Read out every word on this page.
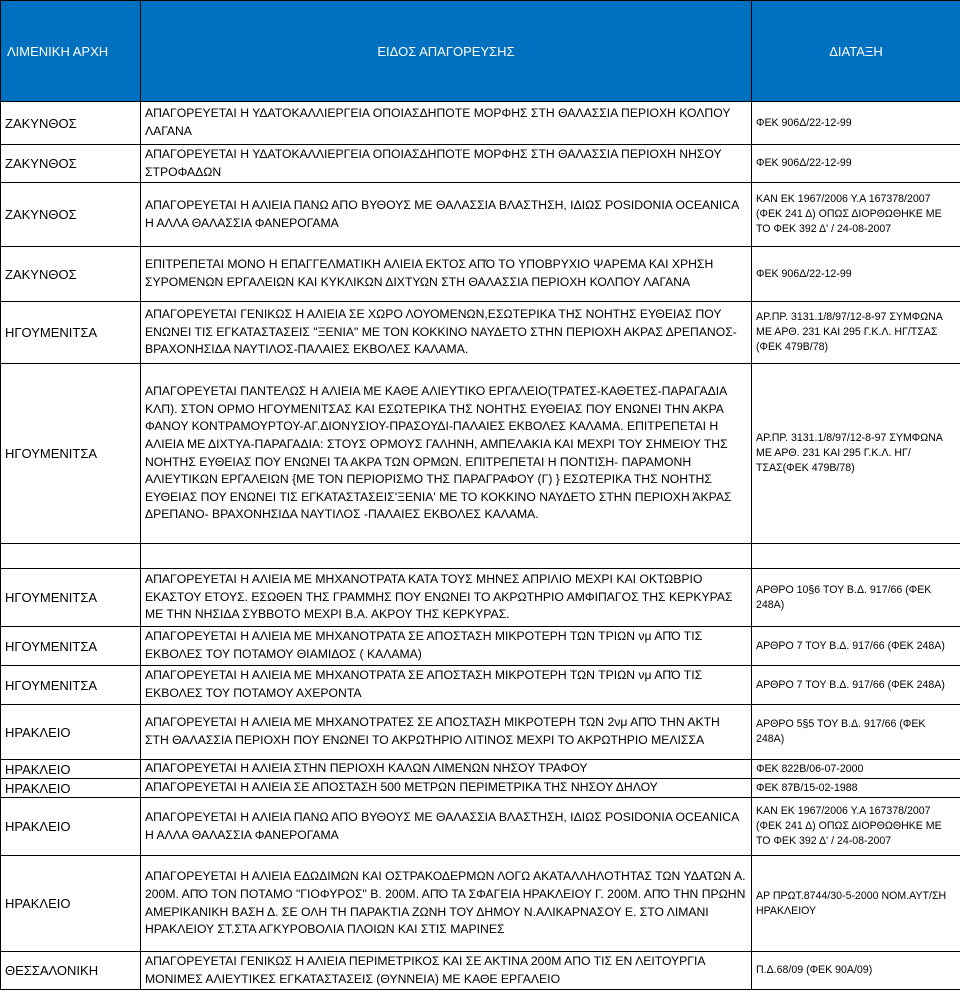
ΛΙΜΕΝΙΚΗ ΑΡΧΗ	ΕΙΔΟΣ ΑΠΑΓΟΡΕΥΣΗΣ	ΔΙΑΤΑΞΗ
ΖΑΚΥΝΘΟΣ	ΑΠΑΓΟΡΕΥΕΤΑΙ Η ΥΔΑΤΟΚΑΛΛΙΕΡΓΕΙΑ ΟΠΟΙΑΣΔΗΠΟΤΕ ΜΟΡΦΗΣ ΣΤΗ ΘΑΛΑΣΣΙΑ ΠΕΡΙΟΧΗ ΚΟΛΠΟΥ ΛΑΓΑΝΑ	ΦΕΚ 906Δ/22-12-99
ΖΑΚΥΝΘΟΣ	ΑΠΑΓΟΡΕΥΕΤΑΙ Η ΥΔΑΤΟΚΑΛΛΙΕΡΓΕΙΑ ΟΠΟΙΑΣΔΗΠΟΤΕ ΜΟΡΦΗΣ ΣΤΗ ΘΑΛΑΣΣΙΑ ΠΕΡΙΟΧΗ ΝΗΣΟΥ ΣΤΡΟΦΑΔΩΝ	ΦΕΚ 906Δ/22-12-99
ΖΑΚΥΝΘΟΣ	ΑΠΑΓΟΡΕΥΕΤΑΙ Η ΑΛΙΕΙΑ ΠΑΝΩ ΑΠΟ ΒΥΘΟΥΣ ΜΕ ΘΑΛΑΣΣΙΑ ΒΛΑΣΤΗΣΗ, ΙΔΙΩΣ POSIDONIA OCEANICA Η ΑΛΛΑ ΘΑΛΑΣΣΙΑ ΦΑΝΕΡΟΓΑΜΑ	ΚΑΝ ΕΚ 1967/2006 Υ.Α 167378/2007 (ΦΕΚ 241 Δ) ΟΠΩΣ ΔΙΟΡΘΩΘΗΚΕ ΜΕ ΤΟ ΦΕΚ 392 Δ' / 24-08-2007
ΖΑΚΥΝΘΟΣ	ΕΠΙΤΡΕΠΕΤΑΙ ΜΟΝΟ Η ΕΠΑΓΓΕΛΜΑΤΙΚΗ ΑΛΙΕΙΑ ΕΚΤΟΣ ΑΠΌ ΤΟ ΥΠΟΒΡΥΧΙΟ ΨΑΡΕΜΑ ΚΑΙ ΧΡΗΣΗ ΣΥΡΟΜΕΝΩΝ ΕΡΓΑΛΕΙΩΝ ΚΑΙ ΚΥΚΛΙΚΩΝ ΔΙΧΤΥΩΝ ΣΤΗ ΘΑΛΑΣΣΙΑ ΠΕΡΙΟΧΗ ΚΟΛΠΟΥ ΛΑΓΑΝΑ	ΦΕΚ 906Δ/22-12-99
ΗΓΟΥΜΕΝΙΤΣΑ	ΑΠΑΓΟΡΕΥΕΤΑΙ ΓΕΝΙΚΩΣ Η ΑΛΙΕΙΑ ΣΕ ΧΩΡΟ ΛΟΥΟΜΕΝΩΝ,ΕΣΩΤΕΡΙΚΑ ΤΗΣ ΝΟΗΤΗΣ ΕΥΘΕΙΑΣ ΠΟΥ ΕΝΩΝΕΙ ΤΙΣ ΕΓΚΑΤΑΣΤΑΣΕΙΣ "ΞΕΝΙΑ" ΜΕ ΤΟΝ ΚΟΚΚΙΝΟ ΝΑΥΔΕΤΟ ΣΤΗΝ ΠΕΡΙΟΧΗ ΑΚΡΑΣ ΔΡΕΠΑΝΟΣ-ΒΡΑΧΟΝΗΣΙΔΑ ΝΑΥΤΙΛΟΣ-ΠΑΛΑΙΕΣ ΕΚΒΟΛΕΣ ΚΑΛΑΜΑ.	ΑΡ.ΠΡ. 3131.1/8/97/12-8-97 ΣΥΜΦΩΝΑ ΜΕ ΑΡΘ. 231 ΚΑΙ 295 Γ.Κ.Λ. ΗΓ/ΤΣΑΣ (ΦΕΚ 479Β/78)
ΗΓΟΥΜΕΝΙΤΣΑ	ΑΠΑΓΟΡΕΥΕΤΑΙ ΠΑΝΤΕΛΩΣ Η ΑΛΙΕΙΑ ΜΕ ΚΑΘΕ ΑΛΙΕΥΤΙΚΟ ΕΡΓΑΛΕΙΟ(ΤΡΑΤΕΣ-ΚΑΘΕΤΕΣ-ΠΑΡΑΓΑΔΙΑ ΚΛΠ). ΣΤΟΝ ΟΡΜΟ ΗΓΟΥΜΕΝΙΤΣΑΣ ΚΑΙ ΕΣΩΤΕΡΙΚΑ ΤΗΣ ΝΟΗΤΗΣ ΕΥΘΕΙΑΣ ΠΟΥ ΕΝΩΝΕΙ ΤΗΝ ΑΚΡΑ ΦΑΝΟΥ ΚΟΝΤΡΑΜΟΥΡΤΟΥ-ΑΓ.ΔΙΟΝΥΣΙΟΥ-ΠΡΑΣΟΥΔΙ-ΠΑΛΑΙΕΣ ΕΚΒΟΛΕΣ ΚΑΛΑΜΑ. ΕΠΙΤΡΕΠΕΤΑΙ Η ΑΛΙΕΙΑ ΜΕ ΔΙΧΤΥΑ-ΠΑΡΑΓΑΔΙΑ: ΣΤΟΥΣ ΟΡΜΟΥΣ ΓΑΛΗΝΗ, ΑΜΠΕΛΑΚΙΑ ΚΑΙ ΜΕΧΡΙ ΤΟΥ ΣΗΜΕΙΟΥ ΤΗΣ ΝΟΗΤΗΣ ΕΥΘΕΙΑΣ ΠΟΥ ΕΝΩΝΕΙ ΤΑ ΑΚΡΑ ΤΩΝ ΟΡΜΩΝ. ΕΠΙΤΡΕΠΕΤΑΙ Η ΠΟΝΤΙΣΗ- ΠΑΡΑΜΟΝΗ ΑΛΙΕΥΤΙΚΩΝ ΕΡΓΑΛΕΙΩΝ {ΜΕ ΤΟΝ ΠΕΡΙΟΡΙΣΜΟ ΤΗΣ ΠΑΡΑΓΡΑΦΟΥ (Γ) } ΕΣΩΤΕΡΙΚΑ ΤΗΣ ΝΟΗΤΗΣ ΕΥΘΕΙΑΣ ΠΟΥ ΕΝΩΝΕΙ ΤΙΣ ΕΓΚΑΤΑΣΤΑΣΕΙΣ'ΞΕΝΙΑ' ΜΕ ΤΟ ΚΟΚΚΙΝΟ ΝΑΥΔΕΤΟ ΣΤΗΝ ΠΕΡΙΟΧΗ ΆΚΡΑΣ ΔΡΕΠΑΝΟ- ΒΡΑΧΟΝΗΣΙΔΑ ΝΑΥΤΙΛΟΣ -ΠΑΛΑΙΕΣ ΕΚΒΟΛΕΣ ΚΑΛΑΜΑ.	ΑΡ.ΠΡ. 3131.1/8/97/12-8-97 ΣΥΜΦΩΝΑ ΜΕ ΑΡΘ. 231 ΚΑΙ 295 Γ.Κ.Λ. ΗΓ/ΤΣΑΣ(ΦΕΚ 479Β/78)

ΗΓΟΥΜΕΝΙΤΣΑ	ΑΠΑΓΟΡΕΥΕΤΑΙ Η ΑΛΙΕΙΑ ΜΕ ΜΗΧΑΝΟΤΡΑΤΑ ΚΑΤΑ ΤΟΥΣ ΜΗΝΕΣ ΑΠΡΙΛΙΟ ΜΕΧΡΙ ΚΑΙ ΟΚΤΩΒΡΙΟ ΕΚΑΣΤΟΥ ΕΤΟΥΣ. ΕΣΩΘΕΝ ΤΗΣ ΓΡΑΜΜΗΣ ΠΟΥ ΕΝΩΝΕΙ ΤΟ ΑΚΡΩΤΗΡΙΟ ΑΜΦΙΠΑΓΟΣ ΤΗΣ ΚΕΡΚΥΡΑΣ ΜΕ ΤΗΝ ΝΗΣΙΔΑ ΣΥΒΒΟΤΟ ΜΕΧΡΙ Β.Α. ΑΚΡΟΥ ΤΗΣ ΚΕΡΚΥΡΑΣ.	ΑΡΘΡΟ 10§6 ΤΟΥ Β.Δ. 917/66 (ΦΕΚ 248Α)
ΗΓΟΥΜΕΝΙΤΣΑ	ΑΠΑΓΟΡΕΥΕΤΑΙ Η ΑΛΙΕΙΑ ΜΕ ΜΗΧΑΝΟΤΡΑΤΑ ΣΕ ΑΠΟΣΤΑΣΗ ΜΙΚΡΟΤΕΡΗ ΤΩΝ ΤΡΙΩΝ νμ ΑΠΌ ΤΙΣ ΕΚΒΟΛΕΣ ΤΟΥ ΠΟΤΑΜΟΥ ΘΙΑΜΙΔΟΣ ( ΚΑΛΑΜΑ)	ΑΡΘΡΟ 7 ΤΟΥ Β.Δ. 917/66 (ΦΕΚ 248Α)
ΗΓΟΥΜΕΝΙΤΣΑ	ΑΠΑΓΟΡΕΥΕΤΑΙ Η ΑΛΙΕΙΑ ΜΕ ΜΗΧΑΝΟΤΡΑΤΑ ΣΕ ΑΠΟΣΤΑΣΗ ΜΙΚΡΟΤΕΡΗ ΤΩΝ ΤΡΙΩΝ νμ ΑΠΌ ΤΙΣ ΕΚΒΟΛΕΣ ΤΟΥ ΠΟΤΑΜΟΥ ΑΧΕΡΟΝΤΑ	ΑΡΘΡΟ 7 ΤΟΥ Β.Δ. 917/66 (ΦΕΚ 248Α)
ΗΡΑΚΛΕΙΟ	ΑΠΑΓΟΡΕΥΕΤΑΙ Η ΑΛΙΕΙΑ ΜΕ ΜΗΧΑΝΟΤΡΑΤΕΣ ΣΕ ΑΠΟΣΤΑΣΗ ΜΙΚΡΟΤΕΡΗ ΤΩΝ 2νμ ΑΠΌ ΤΗΝ ΑΚΤΗ ΣΤΗ ΘΑΛΑΣΣΙΑ ΠΕΡΙΟΧΗ ΠΟΥ ΕΝΩΝΕΙ ΤΟ ΑΚΡΩΤΗΡΙΟ ΛΙΤΙΝΟΣ ΜΕΧΡΙ ΤΟ ΑΚΡΩΤΗΡΙΟ ΜΕΛΙΣΣΑ	ΑΡΘΡΟ 5§5 ΤΟΥ Β.Δ. 917/66 (ΦΕΚ 248Α)
ΗΡΑΚΛΕΙΟ	ΑΠΑΓΟΡΕΥΕΤΑΙ Η ΑΛΙΕΙΑ ΣΤΗΝ ΠΕΡΙΟΧΗ ΚΑΛΩΝ ΛΙΜΕΝΩΝ ΝΗΣΟΥ ΤΡΑΦΟΥ	ΦΕΚ 822Β/06-07-2000
ΗΡΑΚΛΕΙΟ	ΑΠΑΓΟΡΕΥΕΤΑΙ Η ΑΛΙΕΙΑ ΣΕ ΑΠΟΣΤΑΣΗ 500 ΜΕΤΡΩΝ ΠΕΡΙΜΕΤΡΙΚΑ ΤΗΣ ΝΗΣΟΥ ΔΗΛΟΥ	ΦΕΚ 87Β/15-02-1988
ΗΡΑΚΛΕΙΟ	ΑΠΑΓΟΡΕΥΕΤΑΙ Η ΑΛΙΕΙΑ ΠΑΝΩ ΑΠΟ ΒΥΘΟΥΣ ΜΕ ΘΑΛΑΣΣΙΑ ΒΛΑΣΤΗΣΗ, ΙΔΙΩΣ POSIDONIA OCEANICA Η ΑΛΛΑ ΘΑΛΑΣΣΙΑ ΦΑΝΕΡΟΓΑΜΑ	ΚΑΝ ΕΚ 1967/2006 Υ.Α 167378/2007 (ΦΕΚ 241 Δ) ΟΠΩΣ ΔΙΟΡΘΩΘΗΚΕ ΜΕ ΤΟ ΦΕΚ 392 Δ' / 24-08-2007
ΗΡΑΚΛΕΙΟ	ΑΠΑΓΟΡΕΥΕΤΑΙ Η ΑΛΙΕΙΑ ΕΔΩΔΙΜΩΝ ΚΑΙ ΟΣΤΡΑΚΟΔΕΡΜΩΝ ΛΟΓΩ ΑΚΑΤΑΛΛΗΛΟΤΗΤΑΣ ΤΩΝ ΥΔΑΤΩΝ Α. 200Μ. ΑΠΌ ΤΟΝ ΠΟΤΑΜΟ "ΓΙΟΦΥΡΟΣ" Β. 200Μ. ΑΠΌ ΤΑ ΣΦΑΓΕΙΑ ΗΡΑΚΛΕΙΟΥ Γ. 200Μ. ΑΠΌ ΤΗΝ ΠΡΩΗΝ ΑΜΕΡΙΚΑΝΙΚΗ ΒΑΣΗ Δ. ΣΕ ΟΛΗ ΤΗ ΠΑΡΑΚΤΙΑ ΖΩΝΗ ΤΟΥ ΔΗΜΟΥ Ν.ΑΛΙΚΑΡΝΑΣΟΥ Ε. ΣΤΟ ΛΙΜΑΝΙ ΗΡΑΚΛΕΙΟΥ ΣΤ.ΣΤΑ ΑΓΚΥΡΟΒΟΛΙΑ ΠΛΟΙΩΝ ΚΑΙ ΣΤΙΣ ΜΑΡΙΝΕΣ	ΑΡ ΠΡΩΤ.8744/30-5-2000 ΝΟΜ.ΑΥΤ/ΣΗ ΗΡΑΚΛΕΙΟΥ
ΘΕΣΣΑΛΟΝΙΚΗ	ΑΠΑΓΟΡΕΥΕΤΑΙ ΓΕΝΙΚΩΣ Η ΑΛΙΕΙΑ ΠΕΡΙΜΕΤΡΙΚΟΣ ΚΑΙ ΣΕ ΑΚΤΙΝΑ 200Μ ΑΠΟ ΤΙΣ ΕΝ ΛΕΙΤΟΥΡΓΙΑ ΜΟΝΙΜΕΣ ΑΛΙΕΥΤΙΚΕΣ ΕΓΚΑΤΑΣΤΑΣΕΙΣ (ΘΥΝΝΕΙΑ) ΜΕ ΚΑΘΕ ΕΡΓΑΛΕΙΟ	Π.Δ.68/09 (ΦΕΚ 90Α/09)
